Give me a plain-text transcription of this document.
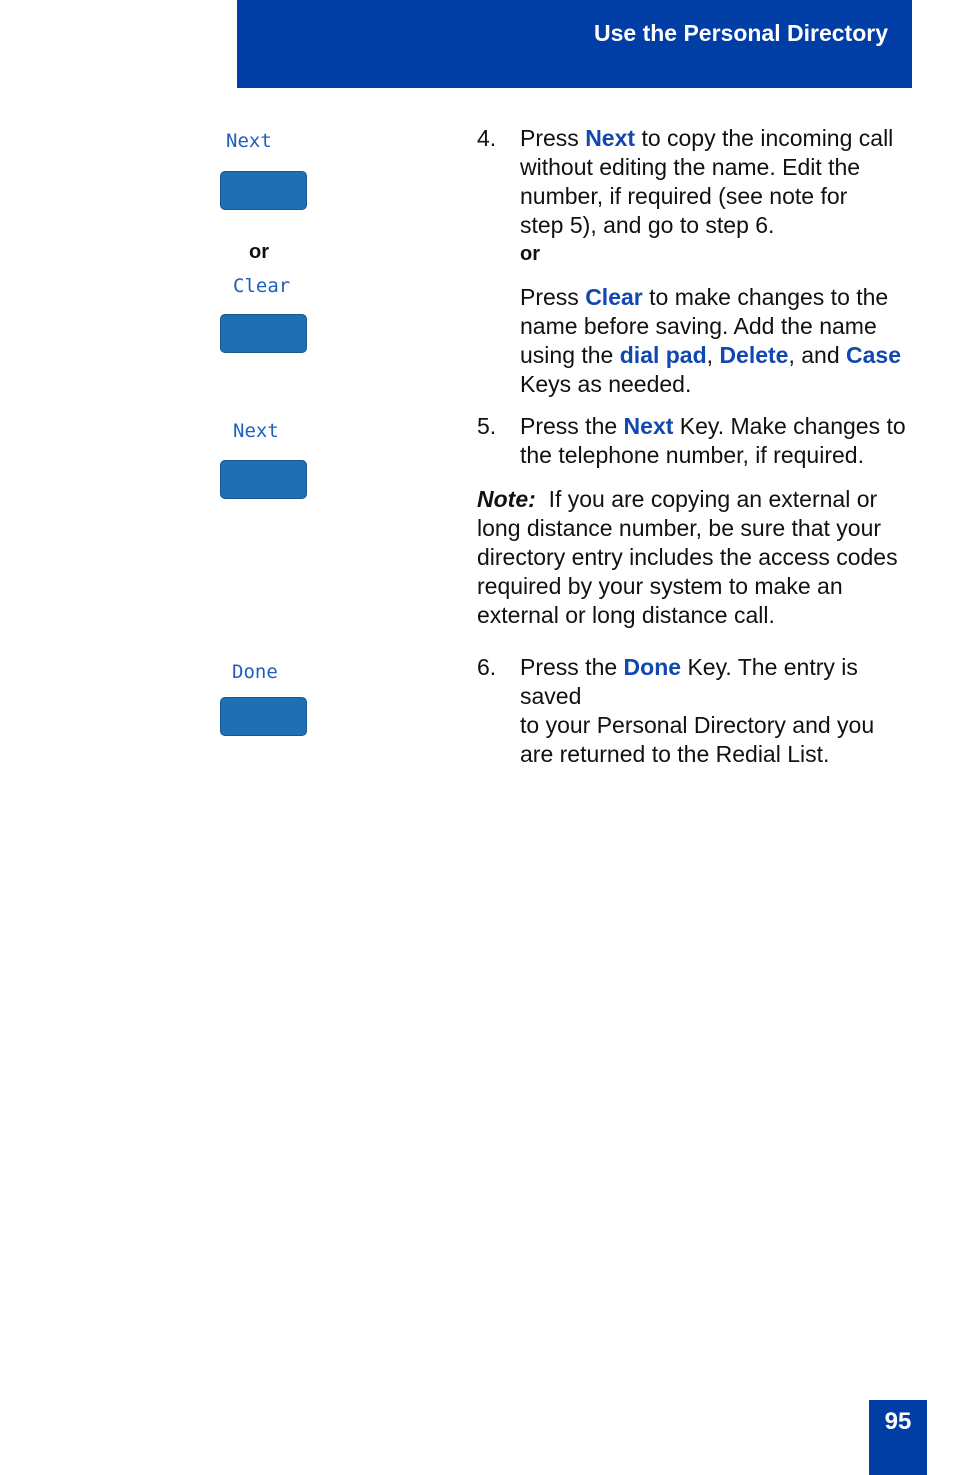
Use the Personal Directory
Next
or
Clear
Next
Done
4. Press Next to copy the incoming call
without editing the name. Edit the
number, if required (see note for
step 5), and go to step 6.
or
Press Clear to make changes to the
name before saving. Add the name
using the dial pad, Delete, and Case
Keys as needed.
5. Press the Next Key. Make changes to
the telephone number, if required.
Note: If you are copying an external or
long distance number, be sure that your
directory entry includes the access codes
required by your system to make an
external or long distance call.
6. Press the Done Key. The entry is saved
to your Personal Directory and you
are returned to the Redial List.
95
